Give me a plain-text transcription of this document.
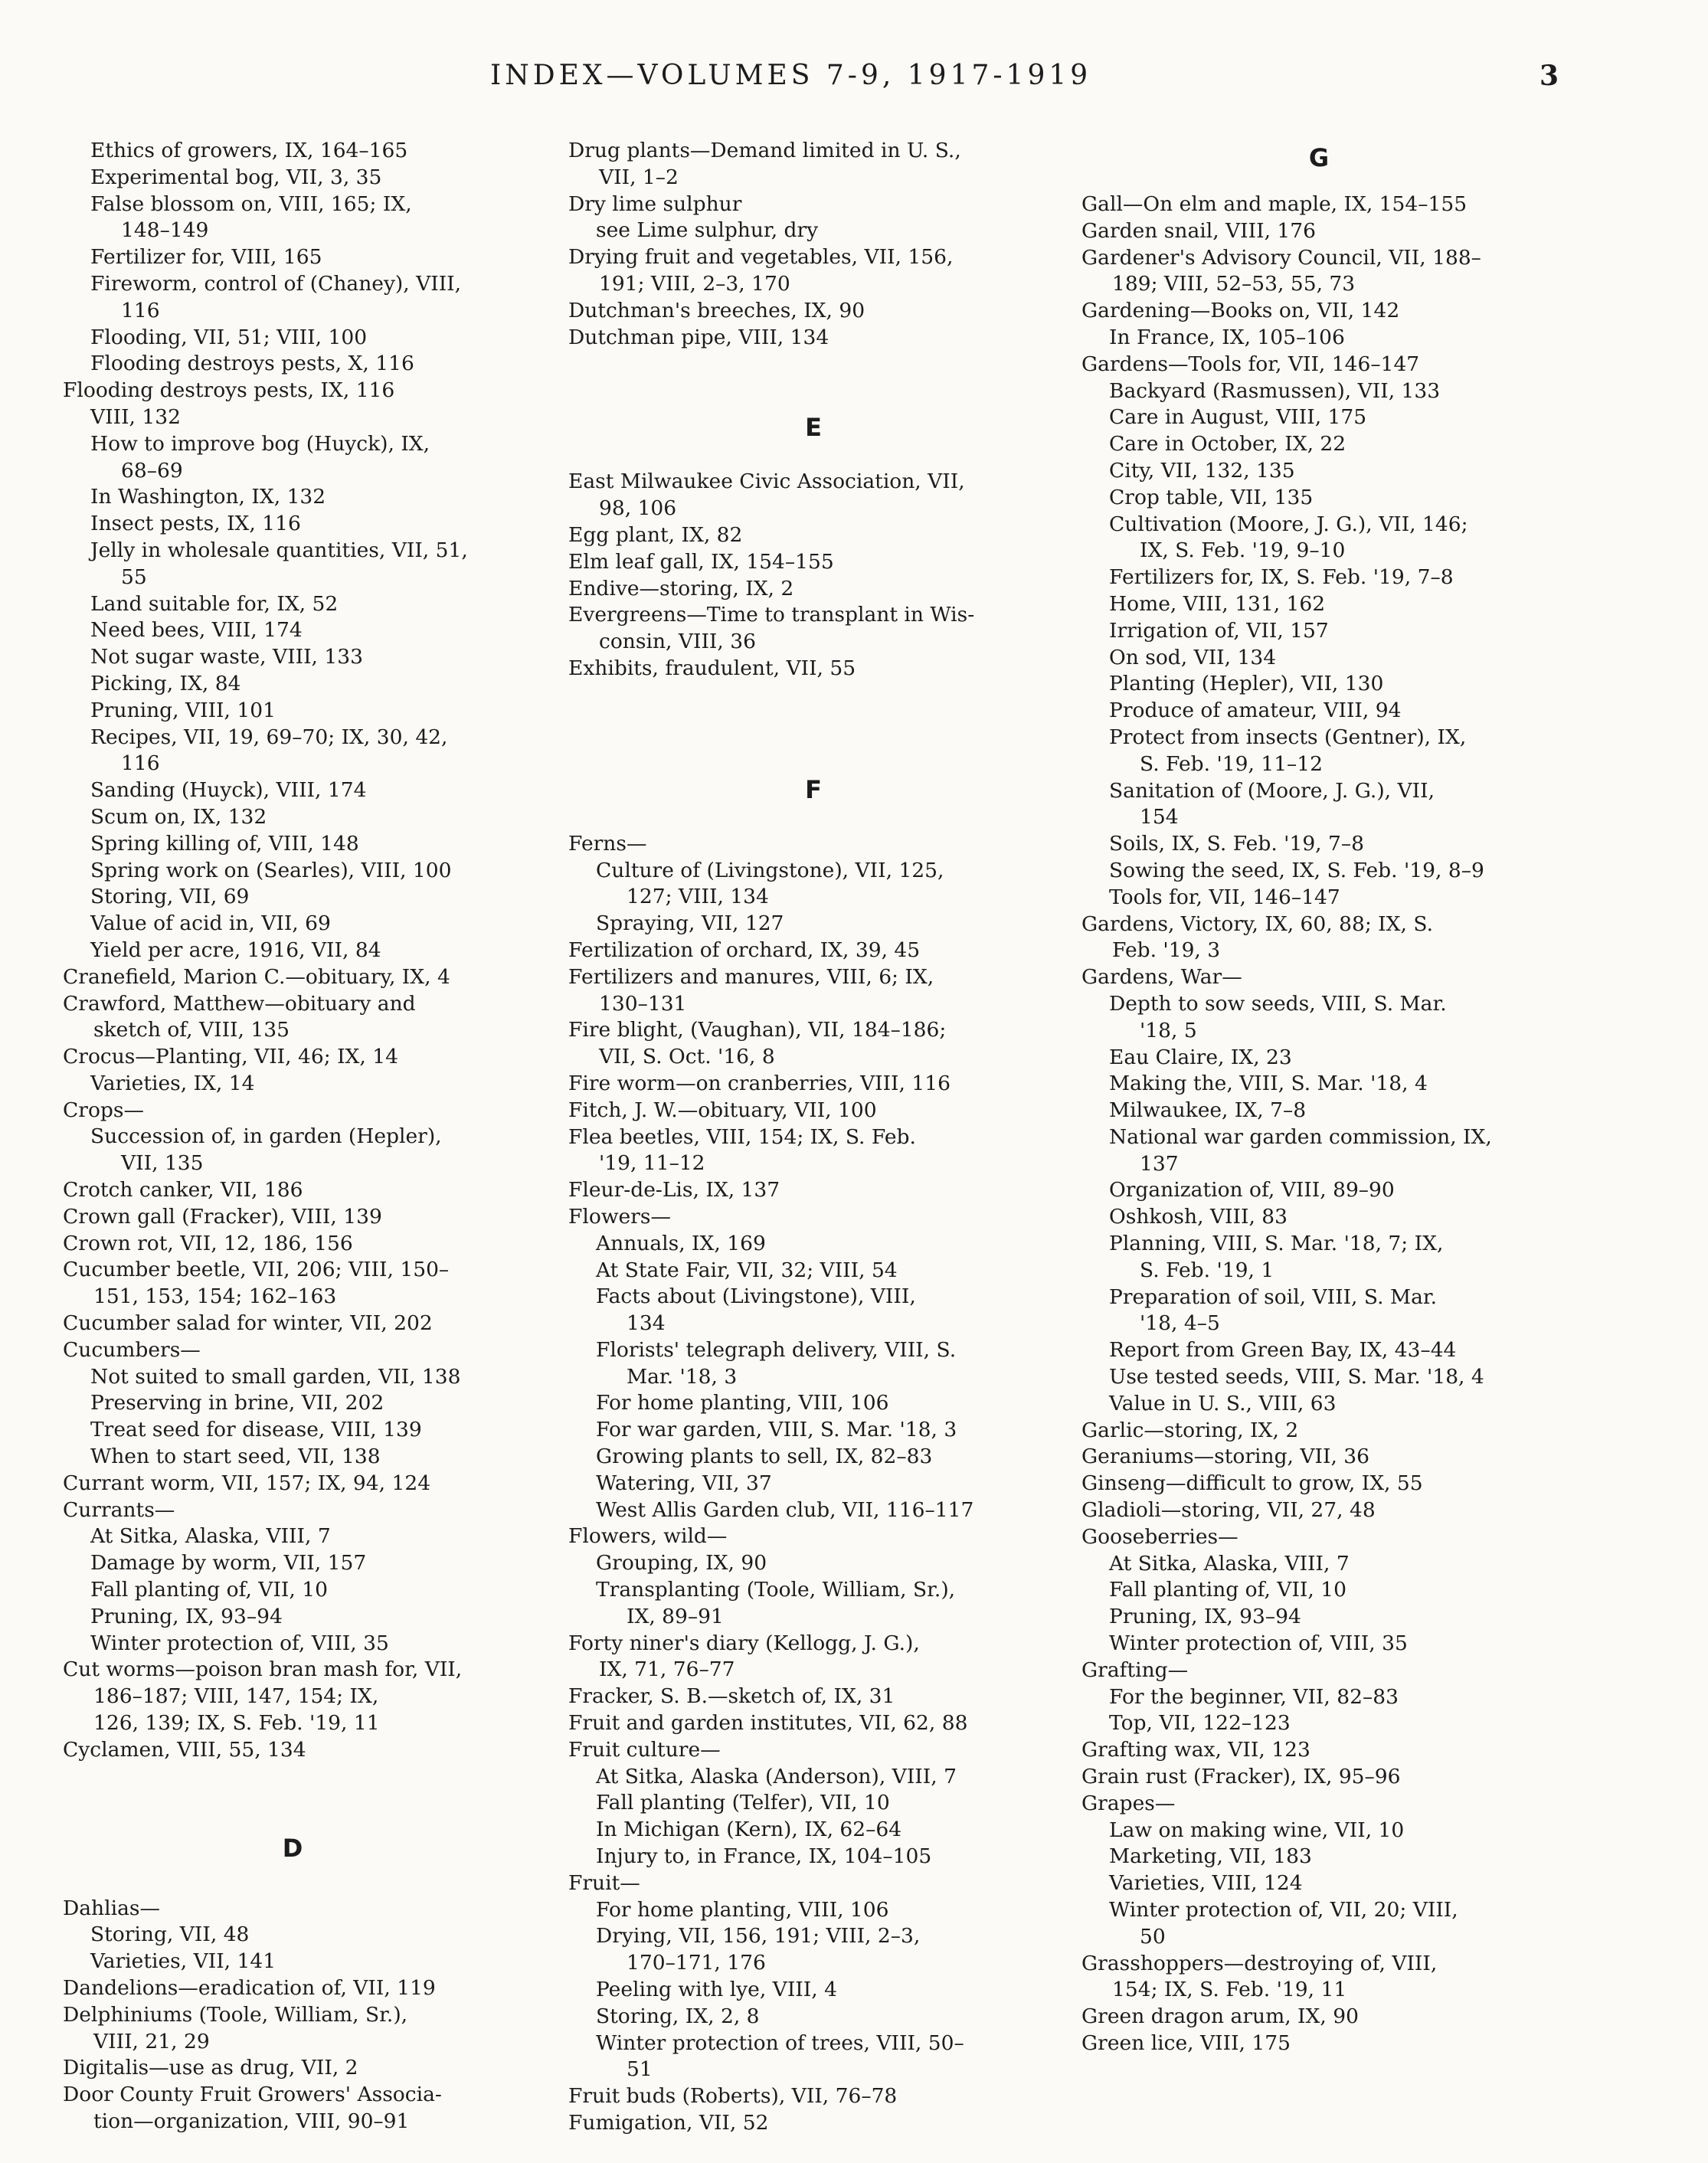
INDEX—VOLUMES 7-9, 1917-1919	3
Ethics of growers, IX, 164–165
Experimental bog, VII, 3, 35
False blossom on, VIII, 165; IX,
148–149
Fertilizer for, VIII, 165
Fireworm, control of (Chaney), VIII,
116
Flooding, VII, 51; VIII, 100
Flooding destroys pests, X, 116
Flooding destroys pests, IX, 116
VIII, 132
How to improve bog (Huyck), IX,
68–69
In Washington, IX, 132
Insect pests, IX, 116
Jelly in wholesale quantities, VII, 51,
55
Land suitable for, IX, 52
Need bees, VIII, 174
Not sugar waste, VIII, 133
Picking, IX, 84
Pruning, VIII, 101
Recipes, VII, 19, 69–70; IX, 30, 42,
116
Sanding (Huyck), VIII, 174
Scum on, IX, 132
Spring killing of, VIII, 148
Spring work on (Searles), VIII, 100
Storing, VII, 69
Value of acid in, VII, 69
Yield per acre, 1916, VII, 84
Cranefield, Marion C.—obituary, IX, 4
Crawford, Matthew—obituary and
sketch of, VIII, 135
Crocus—Planting, VII, 46; IX, 14
Varieties, IX, 14
Crops—
Succession of, in garden (Hepler),
VII, 135
Crotch canker, VII, 186
Crown gall (Fracker), VIII, 139
Crown rot, VII, 12, 186, 156
Cucumber beetle, VII, 206; VIII, 150–
151, 153, 154; 162–163
Cucumber salad for winter, VII, 202
Cucumbers—
Not suited to small garden, VII, 138
Preserving in brine, VII, 202
Treat seed for disease, VIII, 139
When to start seed, VII, 138
Currant worm, VII, 157; IX, 94, 124
Currants—
At Sitka, Alaska, VIII, 7
Damage by worm, VII, 157
Fall planting of, VII, 10
Pruning, IX, 93–94
Winter protection of, VIII, 35
Cut worms—poison bran mash for, VII,
186–187; VIII, 147, 154; IX,
126, 139; IX, S. Feb. '19, 11
Cyclamen, VIII, 55, 134
D
Dahlias—
Storing, VII, 48
Varieties, VII, 141
Dandelions—eradication of, VII, 119
Delphiniums (Toole, William, Sr.),
VIII, 21, 29
Digitalis—use as drug, VII, 2
Door County Fruit Growers' Associa-
tion—organization, VIII, 90–91
Drug plants—Demand limited in U. S.,
VII, 1–2
Dry lime sulphur
see Lime sulphur, dry
Drying fruit and vegetables, VII, 156,
191; VIII, 2–3, 170
Dutchman's breeches, IX, 90
Dutchman pipe, VIII, 134
E
East Milwaukee Civic Association, VII,
98, 106
Egg plant, IX, 82
Elm leaf gall, IX, 154–155
Endive—storing, IX, 2
Evergreens—Time to transplant in Wis-
consin, VIII, 36
Exhibits, fraudulent, VII, 55
F
Ferns—
Culture of (Livingstone), VII, 125,
127; VIII, 134
Spraying, VII, 127
Fertilization of orchard, IX, 39, 45
Fertilizers and manures, VIII, 6; IX,
130–131
Fire blight, (Vaughan), VII, 184–186;
VII, S. Oct. '16, 8
Fire worm—on cranberries, VIII, 116
Fitch, J. W.—obituary, VII, 100
Flea beetles, VIII, 154; IX, S. Feb.
'19, 11–12
Fleur-de-Lis, IX, 137
Flowers—
Annuals, IX, 169
At State Fair, VII, 32; VIII, 54
Facts about (Livingstone), VIII,
134
Florists' telegraph delivery, VIII, S.
Mar. '18, 3
For home planting, VIII, 106
For war garden, VIII, S. Mar. '18, 3
Growing plants to sell, IX, 82–83
Watering, VII, 37
West Allis Garden club, VII, 116–117
Flowers, wild—
Grouping, IX, 90
Transplanting (Toole, William, Sr.),
IX, 89–91
Forty niner's diary (Kellogg, J. G.),
IX, 71, 76–77
Fracker, S. B.—sketch of, IX, 31
Fruit and garden institutes, VII, 62, 88
Fruit culture—
At Sitka, Alaska (Anderson), VIII, 7
Fall planting (Telfer), VII, 10
In Michigan (Kern), IX, 62–64
Injury to, in France, IX, 104–105
Fruit—
For home planting, VIII, 106
Drying, VII, 156, 191; VIII, 2–3,
170–171, 176
Peeling with lye, VIII, 4
Storing, IX, 2, 8
Winter protection of trees, VIII, 50–
51
Fruit buds (Roberts), VII, 76–78
Fumigation, VII, 52
G
Gall—On elm and maple, IX, 154–155
Garden snail, VIII, 176
Gardener's Advisory Council, VII, 188–
189; VIII, 52–53, 55, 73
Gardening—Books on, VII, 142
In France, IX, 105–106
Gardens—Tools for, VII, 146–147
Backyard (Rasmussen), VII, 133
Care in August, VIII, 175
Care in October, IX, 22
City, VII, 132, 135
Crop table, VII, 135
Cultivation (Moore, J. G.), VII, 146;
IX, S. Feb. '19, 9–10
Fertilizers for, IX, S. Feb. '19, 7–8
Home, VIII, 131, 162
Irrigation of, VII, 157
On sod, VII, 134
Planting (Hepler), VII, 130
Produce of amateur, VIII, 94
Protect from insects (Gentner), IX,
S. Feb. '19, 11–12
Sanitation of (Moore, J. G.), VII,
154
Soils, IX, S. Feb. '19, 7–8
Sowing the seed, IX, S. Feb. '19, 8–9
Tools for, VII, 146–147
Gardens, Victory, IX, 60, 88; IX, S.
Feb. '19, 3
Gardens, War—
Depth to sow seeds, VIII, S. Mar.
'18, 5
Eau Claire, IX, 23
Making the, VIII, S. Mar. '18, 4
Milwaukee, IX, 7–8
National war garden commission, IX,
137
Organization of, VIII, 89–90
Oshkosh, VIII, 83
Planning, VIII, S. Mar. '18, 7; IX,
S. Feb. '19, 1
Preparation of soil, VIII, S. Mar.
'18, 4–5
Report from Green Bay, IX, 43–44
Use tested seeds, VIII, S. Mar. '18, 4
Value in U. S., VIII, 63
Garlic—storing, IX, 2
Geraniums—storing, VII, 36
Ginseng—difficult to grow, IX, 55
Gladioli—storing, VII, 27, 48
Gooseberries—
At Sitka, Alaska, VIII, 7
Fall planting of, VII, 10
Pruning, IX, 93–94
Winter protection of, VIII, 35
Grafting—
For the beginner, VII, 82–83
Top, VII, 122–123
Grafting wax, VII, 123
Grain rust (Fracker), IX, 95–96
Grapes—
Law on making wine, VII, 10
Marketing, VII, 183
Varieties, VIII, 124
Winter protection of, VII, 20; VIII,
50
Grasshoppers—destroying of, VIII,
154; IX, S. Feb. '19, 11
Green dragon arum, IX, 90
Green lice, VIII, 175
